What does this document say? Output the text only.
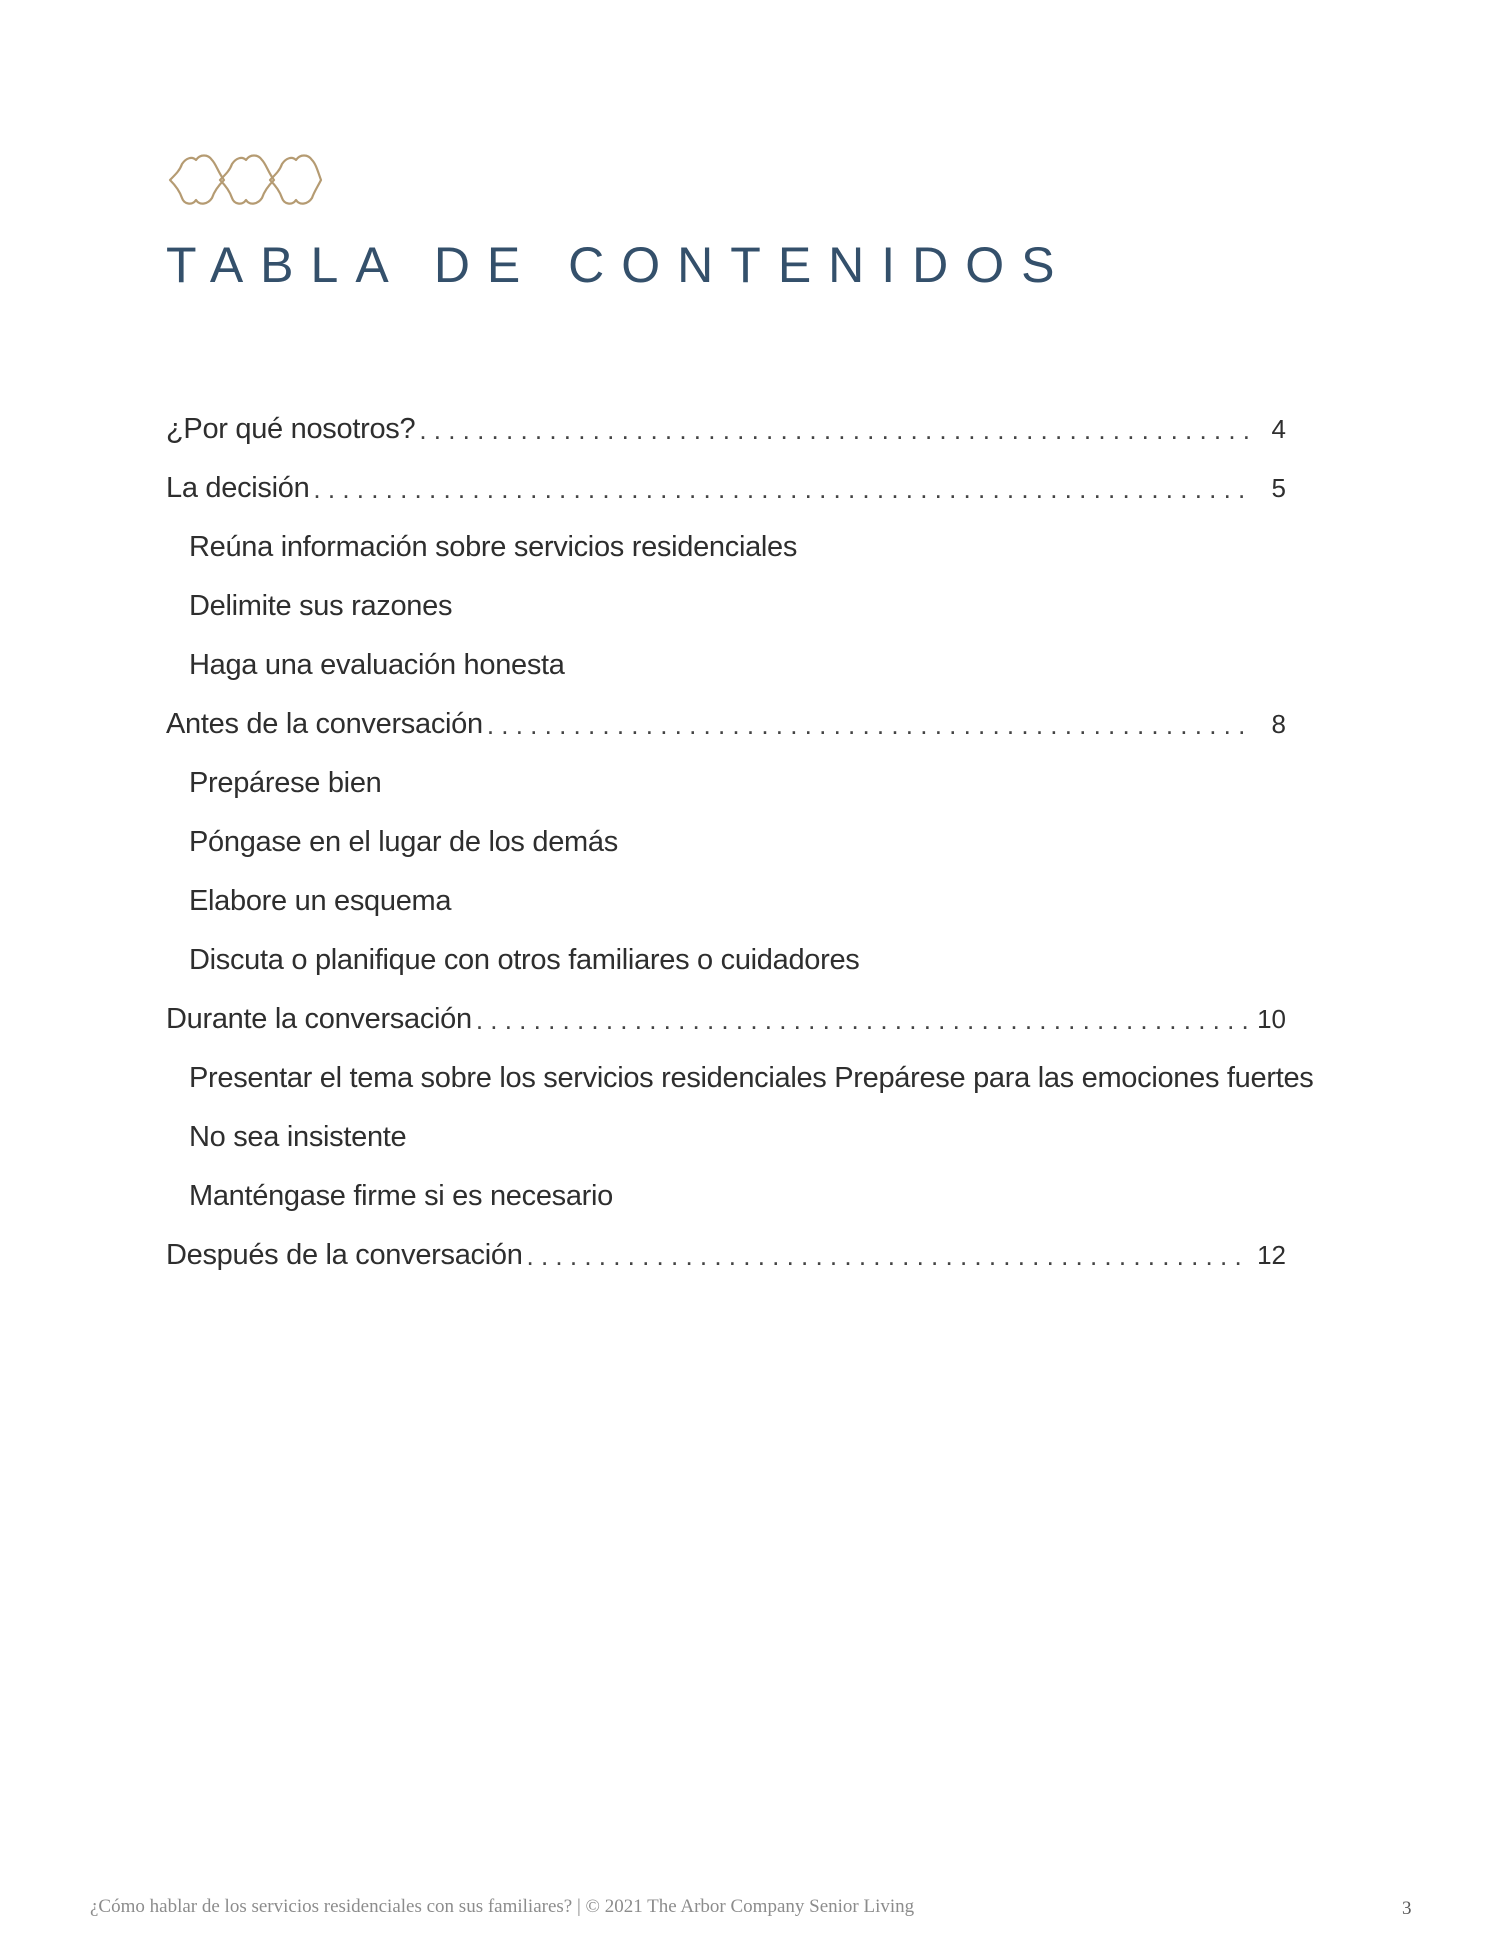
TABLA DE CONTENIDOS
¿Por qué nosotros? . . .	4
La decisión . . .	5
Reúna información sobre servicios residenciales
Delimite sus razones
Haga una evaluación honesta
Antes de la conversación . . .	8
Prepárese bien
Póngase en el lugar de los demás
Elabore un esquema
Discuta o planifique con otros familiares o cuidadores
Durante la conversación . . .	10
Presentar el tema sobre los servicios residenciales Prepárese para las emociones fuertes
No sea insistente
Manténgase firme si es necesario
Después de la conversación . . .	12
¿Cómo hablar de los servicios residenciales con sus familiares? | © 2021 The Arbor Company Senior Living	3
